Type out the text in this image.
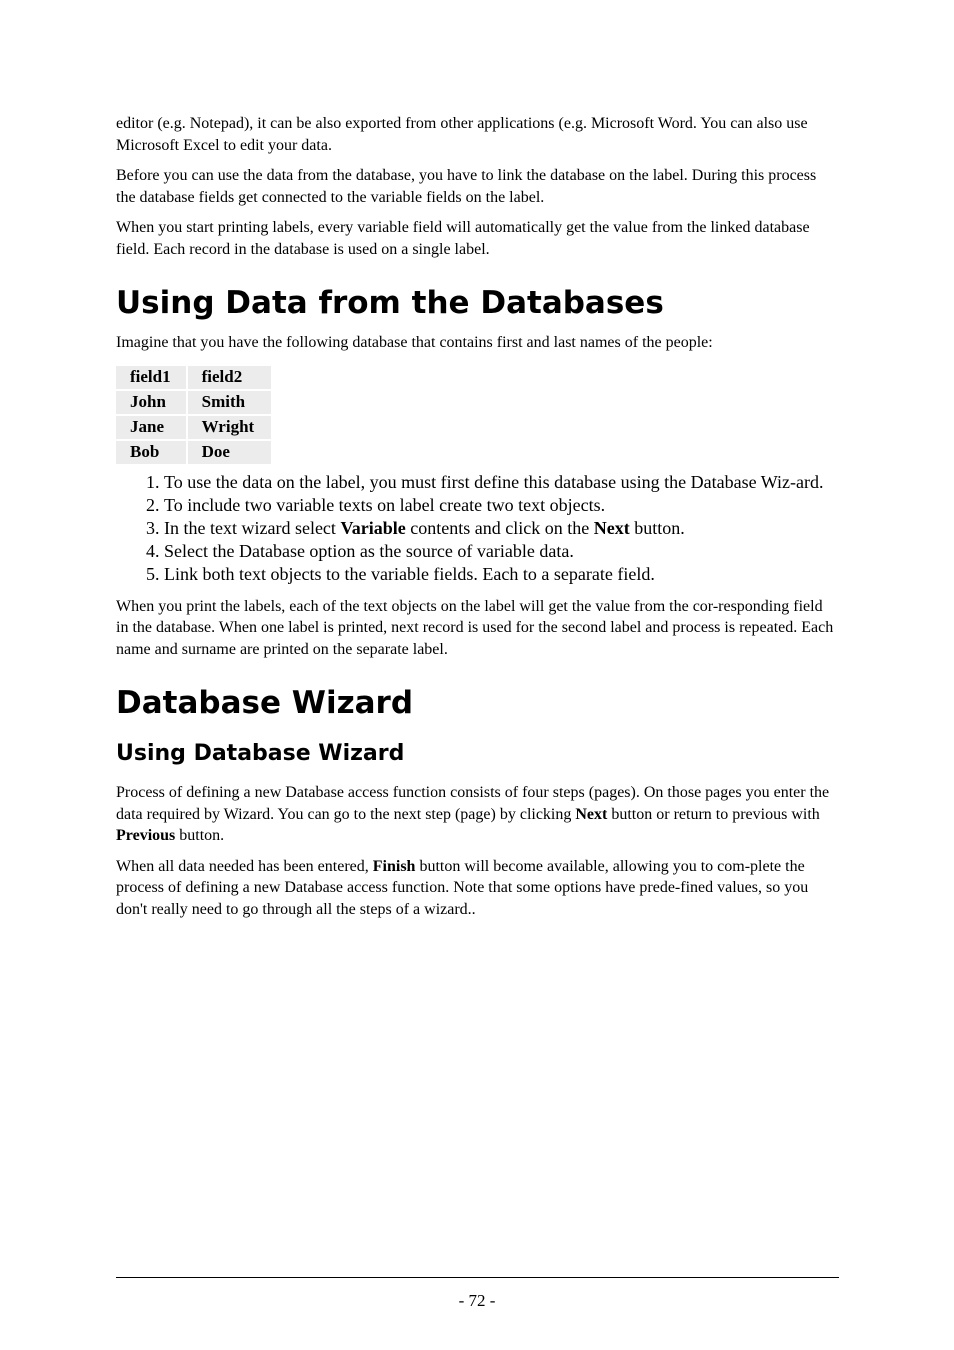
editor (e.g. Notepad), it can be also exported from other applications (e.g. Microsoft Word. You can also use Microsoft Excel to edit your data.

Before you can use the data from the database, you have to link the database on the label. During this process the database fields get connected to the variable fields on the label.

When you start printing labels, every variable field will automatically get the value from the linked database field. Each record in the database is used on a single label.

Using Data from the Databases

Imagine that you have the following database that contains first and last names of the people:

field1	field2
John	Smith
Jane	Wright
Bob	Doe
1. To use the data on the label, you must first define this database using the Database Wiz-ard.
2. To include two variable texts on label create two text objects.
3. In the text wizard select Variable contents and click on the Next button.
4. Select the Database option as the source of variable data.
5. Link both text objects to the variable fields. Each to a separate field.

When you print the labels, each of the text objects on the label will get the value from the cor-responding field in the database. When one label is printed, next record is used for the second label and process is repeated. Each name and surname are printed on the separate label.

Database Wizard
Using Database Wizard

Process of defining a new Database access function consists of four steps (pages). On those pages you enter the data required by Wizard. You can go to the next step (page) by clicking Next button or return to previous with Previous button.

When all data needed has been entered, Finish button will become available, allowing you to com-plete the process of defining a new Database access function. Note that some options have prede-fined values, so you don't really need to go through all the steps of a wizard..

- 72 -
